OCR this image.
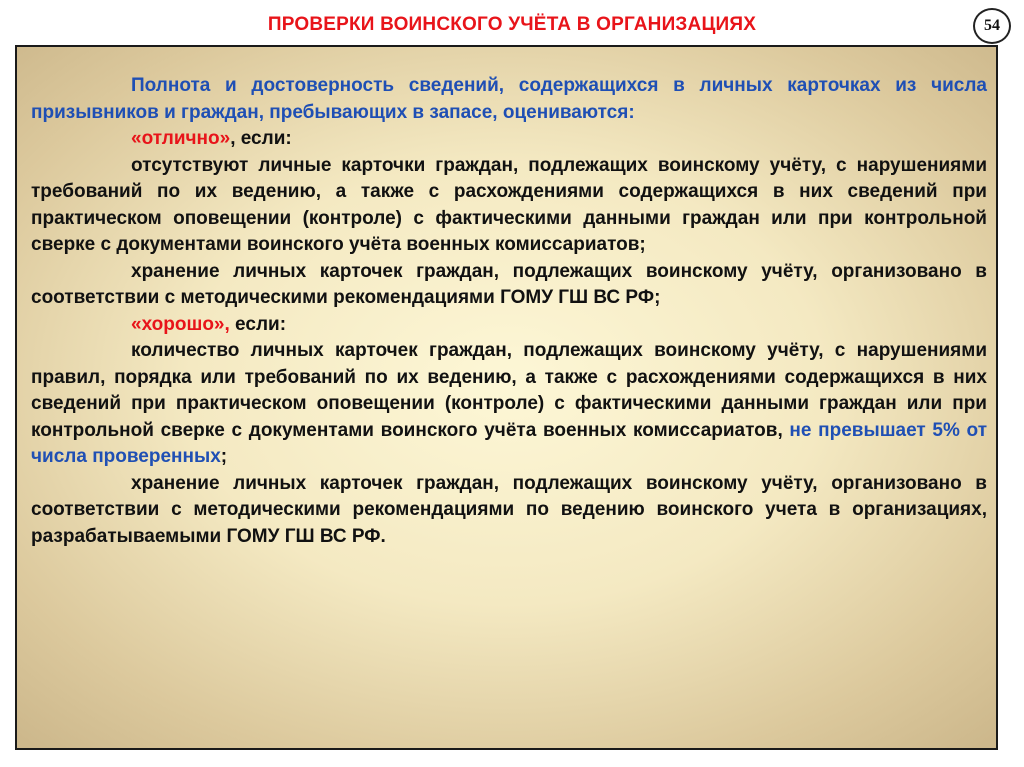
ПРОВЕРКИ ВОИНСКОГО УЧЁТА В ОРГАНИЗАЦИЯХ	54

Полнота и достоверность сведений, содержащихся в личных карточках из числа призывников и граждан, пребывающих в запасе, оцениваются:

«отлично», если:

отсутствуют личные карточки граждан, подлежащих воинскому учёту, с нарушениями требований по их ведению, а также с расхождениями содержащихся в них сведений при практическом оповещении (контроле) с фактическими данными граждан или при контрольной сверке с документами воинского учёта военных комиссариатов;

хранение личных карточек граждан, подлежащих воинскому учёту, организовано в соответствии с методическими рекомендациями ГОМУ ГШ ВС РФ;

«хорошо», если:

количество личных карточек граждан, подлежащих воинскому учёту, с нарушениями правил, порядка или требований по их ведению, а также с расхождениями содержащихся в них сведений при практическом оповещении (контроле) с фактическими данными граждан или при контрольной сверке с документами воинского учёта военных комиссариатов, не превышает 5% от числа проверенных;

хранение личных карточек граждан, подлежащих воинскому учёту, организовано в соответствии с методическими рекомендациями по ведению воинского учета в организациях, разрабатываемыми ГОМУ ГШ ВС РФ.
